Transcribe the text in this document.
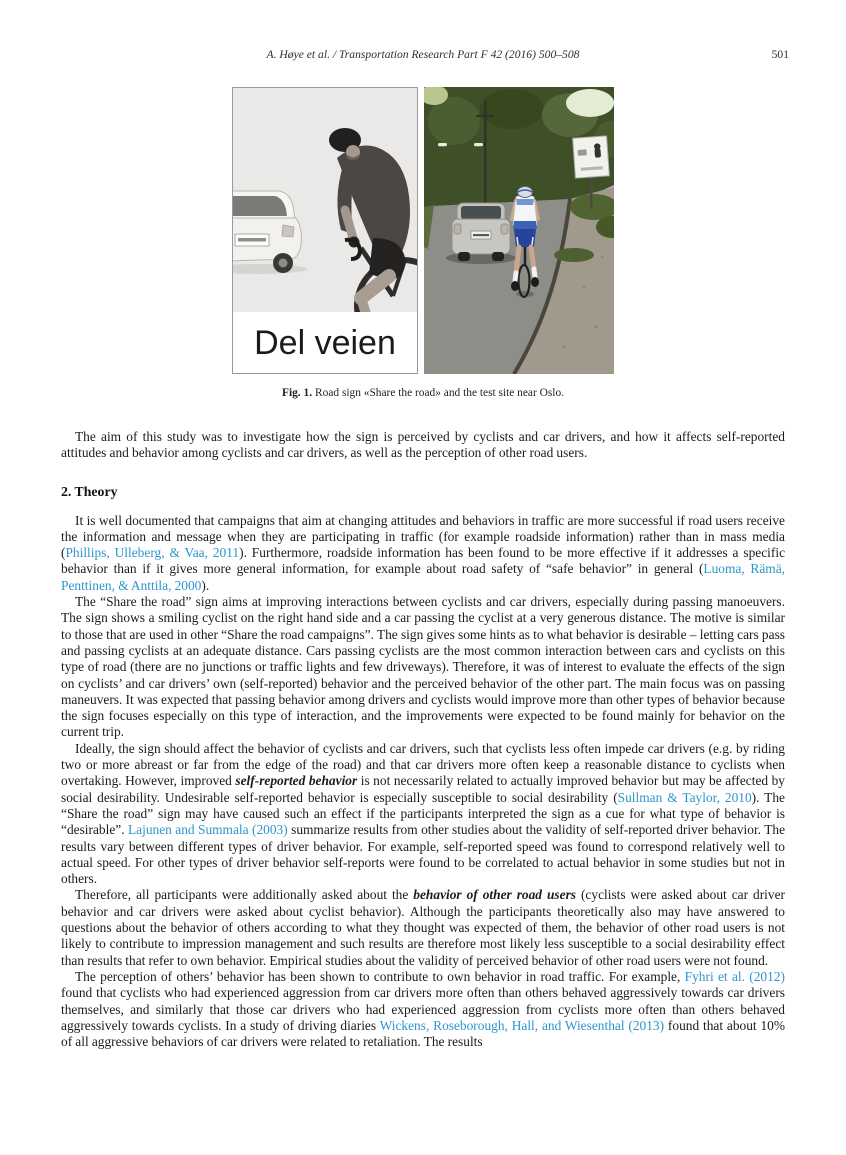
A. Høye et al. / Transportation Research Part F 42 (2016) 500–508	501
Del veien
Fig. 1. Road sign «Share the road» and the test site near Oslo.

The aim of this study was to investigate how the sign is perceived by cyclists and car drivers, and how it affects self-reported attitudes and behavior among cyclists and car drivers, as well as the perception of other road users.

2. Theory

It is well documented that campaigns that aim at changing attitudes and behaviors in traffic are more successful if road users receive the information and message when they are participating in traffic (for example roadside information) rather than in mass media (Phillips, Ulleberg, & Vaa, 2011). Furthermore, roadside information has been found to be more effective if it addresses a specific behavior than if it gives more general information, for example about road safety of “safe behavior” in general (Luoma, Rämä, Penttinen, & Anttila, 2000).

The “Share the road” sign aims at improving interactions between cyclists and car drivers, especially during passing manoeuvers. The sign shows a smiling cyclist on the right hand side and a car passing the cyclist at a very generous distance. The motive is similar to those that are used in other “Share the road campaigns”. The sign gives some hints as to what behavior is desirable – letting cars pass and passing cyclists at an adequate distance. Cars passing cyclists are the most common interaction between cars and cyclists on this type of road (there are no junctions or traffic lights and few driveways). Therefore, it was of interest to evaluate the effects of the sign on cyclists’ and car drivers’ own (self-reported) behavior and the perceived behavior of the other part. The main focus was on passing maneuvers. It was expected that passing behavior among drivers and cyclists would improve more than other types of behavior because the sign focuses especially on this type of interaction, and the improvements were expected to be found mainly for behavior on the current trip.

Ideally, the sign should affect the behavior of cyclists and car drivers, such that cyclists less often impede car drivers (e.g. by riding two or more abreast or far from the edge of the road) and that car drivers more often keep a reasonable distance to cyclists when overtaking. However, improved self-reported behavior is not necessarily related to actually improved behavior but may be affected by social desirability. Undesirable self-reported behavior is especially susceptible to social desirability (Sullman & Taylor, 2010). The “Share the road” sign may have caused such an effect if the participants interpreted the sign as a cue for what type of behavior is “desirable”. Lajunen and Summala (2003) summarize results from other studies about the validity of self-reported driver behavior. The results vary between different types of driver behavior. For example, self-reported speed was found to correspond relatively well to actual speed. For other types of driver behavior self-reports were found to be correlated to actual behavior in some studies but not in others.

Therefore, all participants were additionally asked about the behavior of other road users (cyclists were asked about car driver behavior and car drivers were asked about cyclist behavior). Although the participants theoretically also may have answered to questions about the behavior of others according to what they thought was expected of them, the behavior of other road users is not likely to contribute to impression management and such results are therefore most likely less susceptible to a social desirability effect than results that refer to own behavior. Empirical studies about the validity of perceived behavior of other road users were not found.

The perception of others’ behavior has been shown to contribute to own behavior in road traffic. For example, Fyhri et al. (2012) found that cyclists who had experienced aggression from car drivers more often than others behaved aggressively towards car drivers themselves, and similarly that those car drivers who had experienced aggression from cyclists more often than others behaved aggressively towards cyclists. In a study of driving diaries Wickens, Roseborough, Hall, and Wiesenthal (2013) found that about 10% of all aggressive behaviors of car drivers were related to retaliation. The results
